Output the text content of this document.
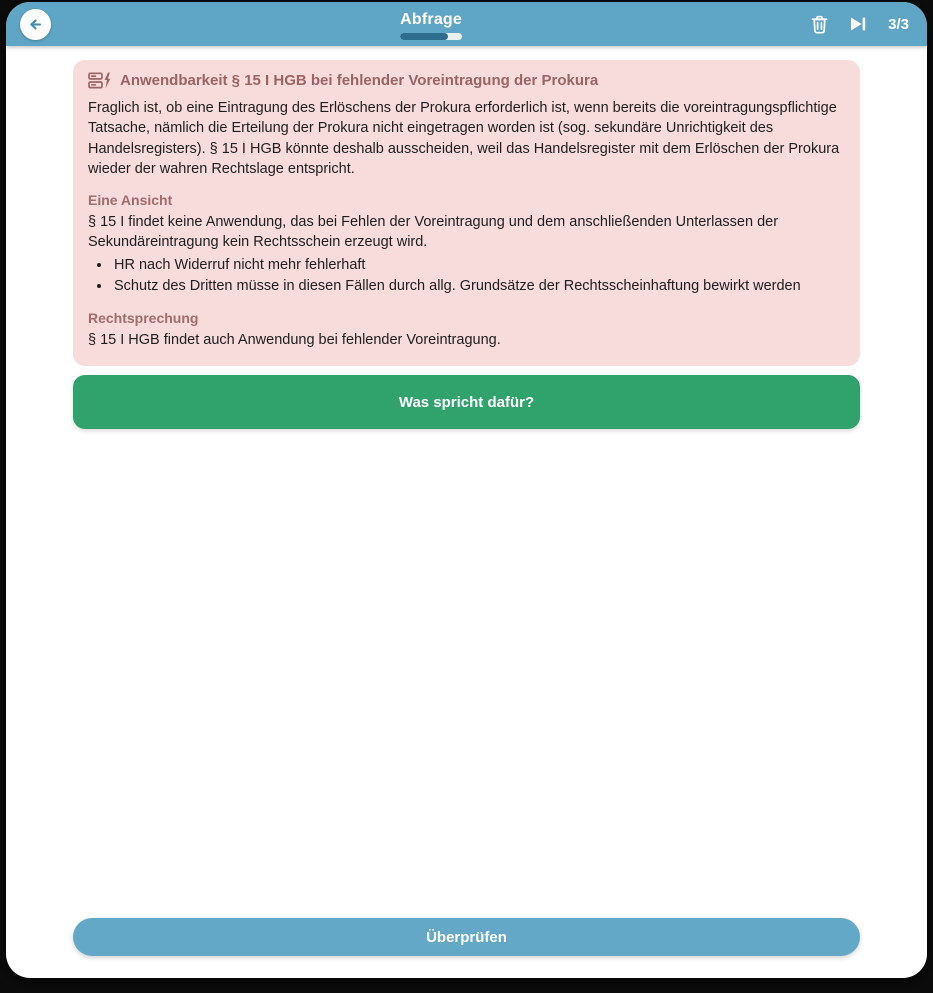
Abfrage	3/3
Anwendbarkeit § 15 I HGB bei fehlender Voreintragung der Prokura

Fraglich ist, ob eine Eintragung des Erlöschens der Prokura erforderlich ist, wenn bereits die voreintragungspflichtige Tatsache, nämlich die Erteilung der Prokura nicht eingetragen worden ist (sog. sekundäre Unrichtigkeit des Handelsregisters). § 15 I HGB könnte deshalb ausscheiden, weil das Handelsregister mit dem Erlöschen der Prokura wieder der wahren Rechtslage entspricht.

Eine Ansicht

§ 15 I findet keine Anwendung, das bei Fehlen der Voreintragung und dem anschließenden Unterlassen der Sekundäreintragung kein Rechtsschein erzeugt wird.

• HR nach Widerruf nicht mehr fehlerhaft
• Schutz des Dritten müsse in diesen Fällen durch allg. Grundsätze der Rechtsscheinhaftung bewirkt werden
Rechtsprechung

§ 15 I HGB findet auch Anwendung bei fehlender Voreintragung.

Was spricht dafür?
Überprüfen
